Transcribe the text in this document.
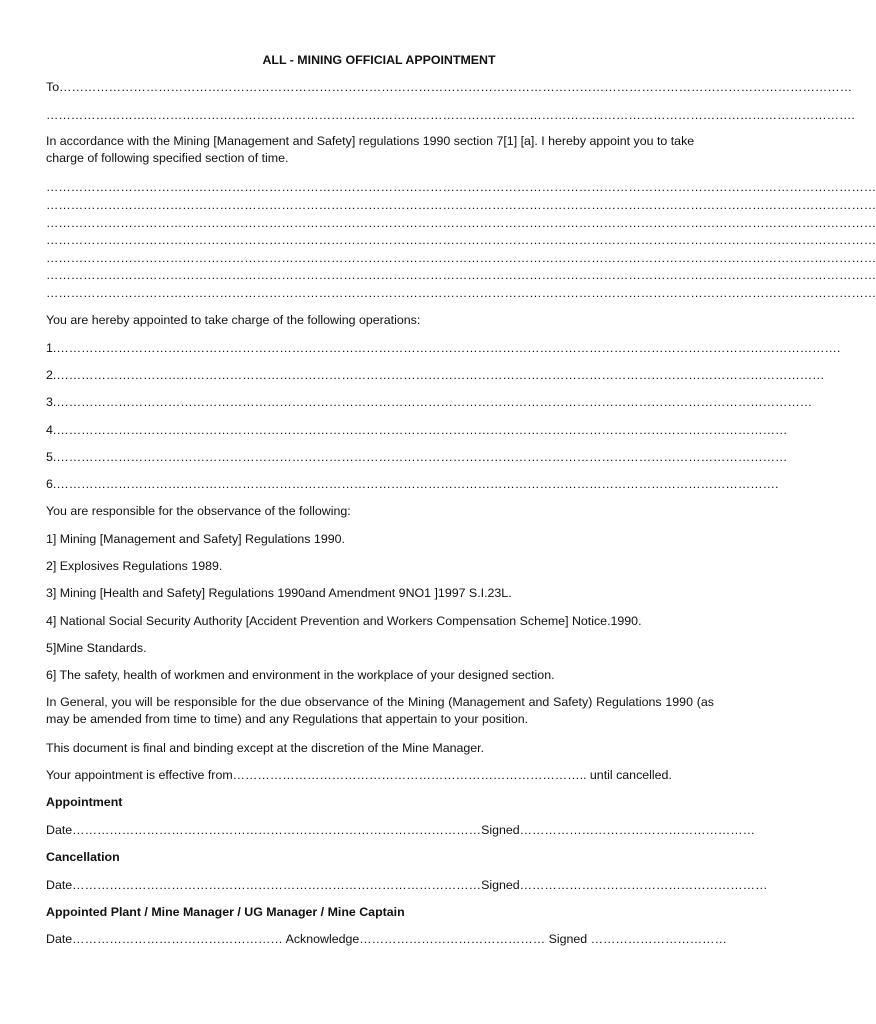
ALL - MINING OFFICIAL APPOINTMENT
To…………………………………………………………………………………………………………………………………………………………………………
…………………………………………………………………………………………………………………………………………………………………………….
In accordance with the Mining [Management and Safety] regulations 1990 section 7[1] [a]. I hereby appoint you to take charge of following specified section of time.
…………………………………………………………………………………………………………………………………………………………………………………
…………………………………………………………………………………………………………………………………………………………………………………
…………………………………………………………………………………………………………………………………………………………………………………
…………………………………………………………………………………………………………………………………………………………………………………
…………………………………………………………………………………………………………………………………………………………………………………
…………………………………………………………………………………………………………………………………………………………………………………
…………………………………………………………………………………………………………………………………………………………………………………
You are hereby appointed to take charge of the following operations:
1.……………………………………………………………………………………………………………………………………………………………………….
2.……………………………………………………………………………………………………………………………………………………………………
3.…………………………………………………………………………………………………………………………………………………………………
4.……………………………………………………………………………………………………………………………………………………………
5.……………………………………………………………………………………………………………………………………………………………
6.………………………………………………………………………………………………………………………………………………………….
You are responsible for the observance of the following:
1] Mining [Management and Safety] Regulations 1990.
2] Explosives Regulations 1989.
3] Mining [Health and Safety] Regulations 1990and Amendment 9NO1 ]1997 S.I.23L.
4] National Social Security Authority [Accident Prevention and Workers Compensation Scheme] Notice.1990.
5]Mine Standards.
6] The safety, health of workmen and environment in the workplace of your designed section.
In General, you will be responsible for the due observance of the Mining (Management and Safety) Regulations 1990 (as may be amended from time to time) and any Regulations that appertain to your position.
This document is final and binding except at the discretion of the Mine Manager.
Your appointment is effective from………………………………………………………………………….. until cancelled.
Appointment
Date………………………………………………………………………………………Signed…………………………………………………
Cancellation
Date………………………………………………………………………………………Signed……………………………………………………
Appointed Plant / Mine Manager / UG Manager / Mine Captain
Date…………………………………………… Acknowledge……………………………………… Signed ……………………………
